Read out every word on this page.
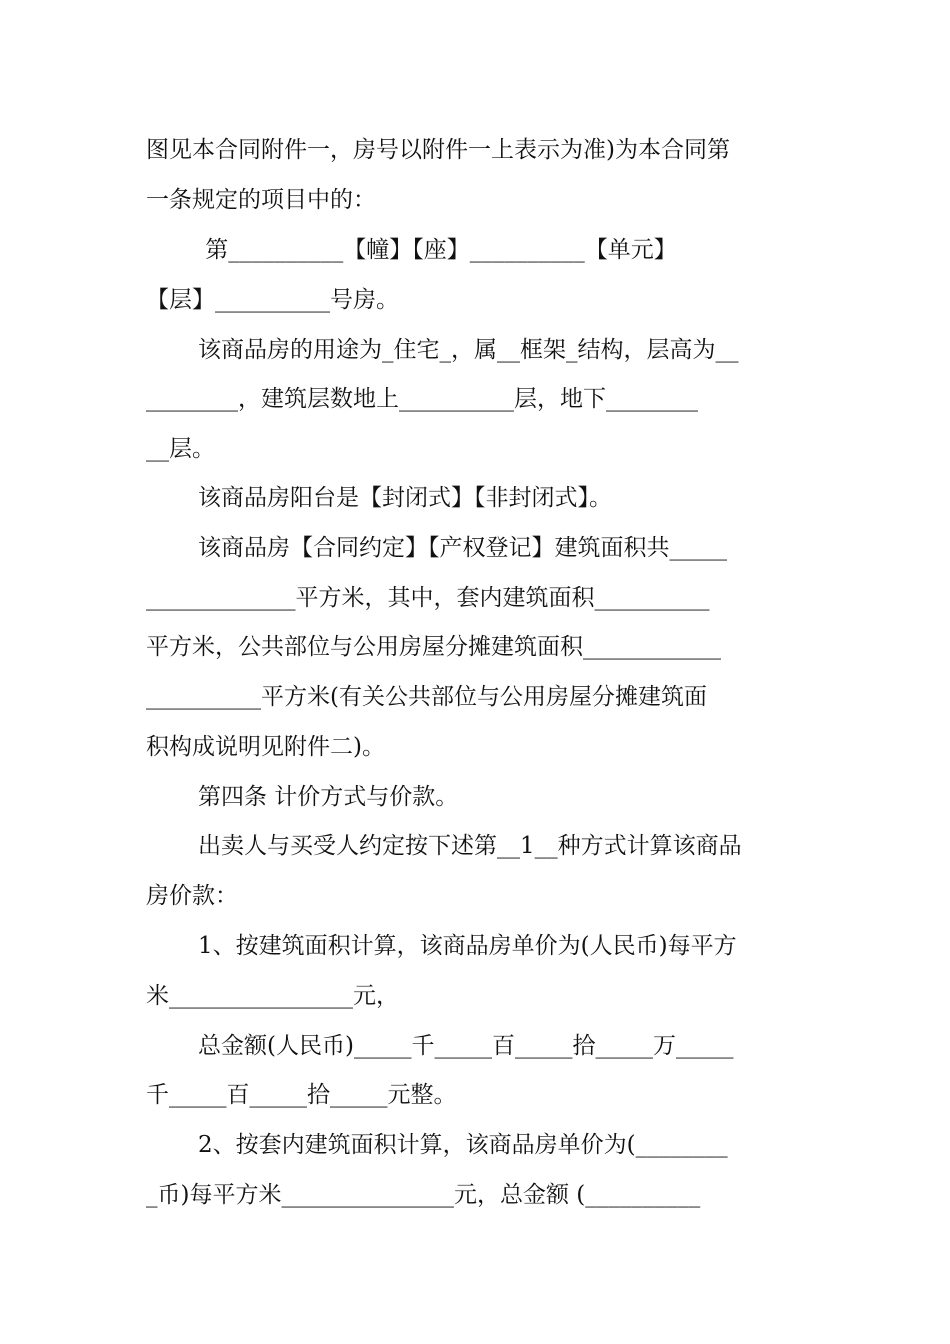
图见本合同附件一，房号以附件一上表示为准)为本合同第
一条规定的项目中的：
第__________【幢】【座】__________【单元】
【层】__________号房。
该商品房的用途为_住宅_，属__框架_结构，层高为__
________，建筑层数地上__________层，地下________
__层。
该商品房阳台是【封闭式】【非封闭式】。
该商品房【合同约定】【产权登记】建筑面积共_____
_____________平方米，其中，套内建筑面积__________
平方米，公共部位与公用房屋分摊建筑面积____________
__________平方米(有关公共部位与公用房屋分摊建筑面
积构成说明见附件二)。
第四条 计价方式与价款。
出卖人与买受人约定按下述第__1__种方式计算该商品
房价款：
1、按建筑面积计算，该商品房单价为(人民币)每平方
米________________元，
总金额(人民币)_____千_____百_____拾_____万_____
千_____百_____拾_____元整。
2、按套内建筑面积计算，该商品房单价为(________
_币)每平方米_______________元，总金额 (__________
